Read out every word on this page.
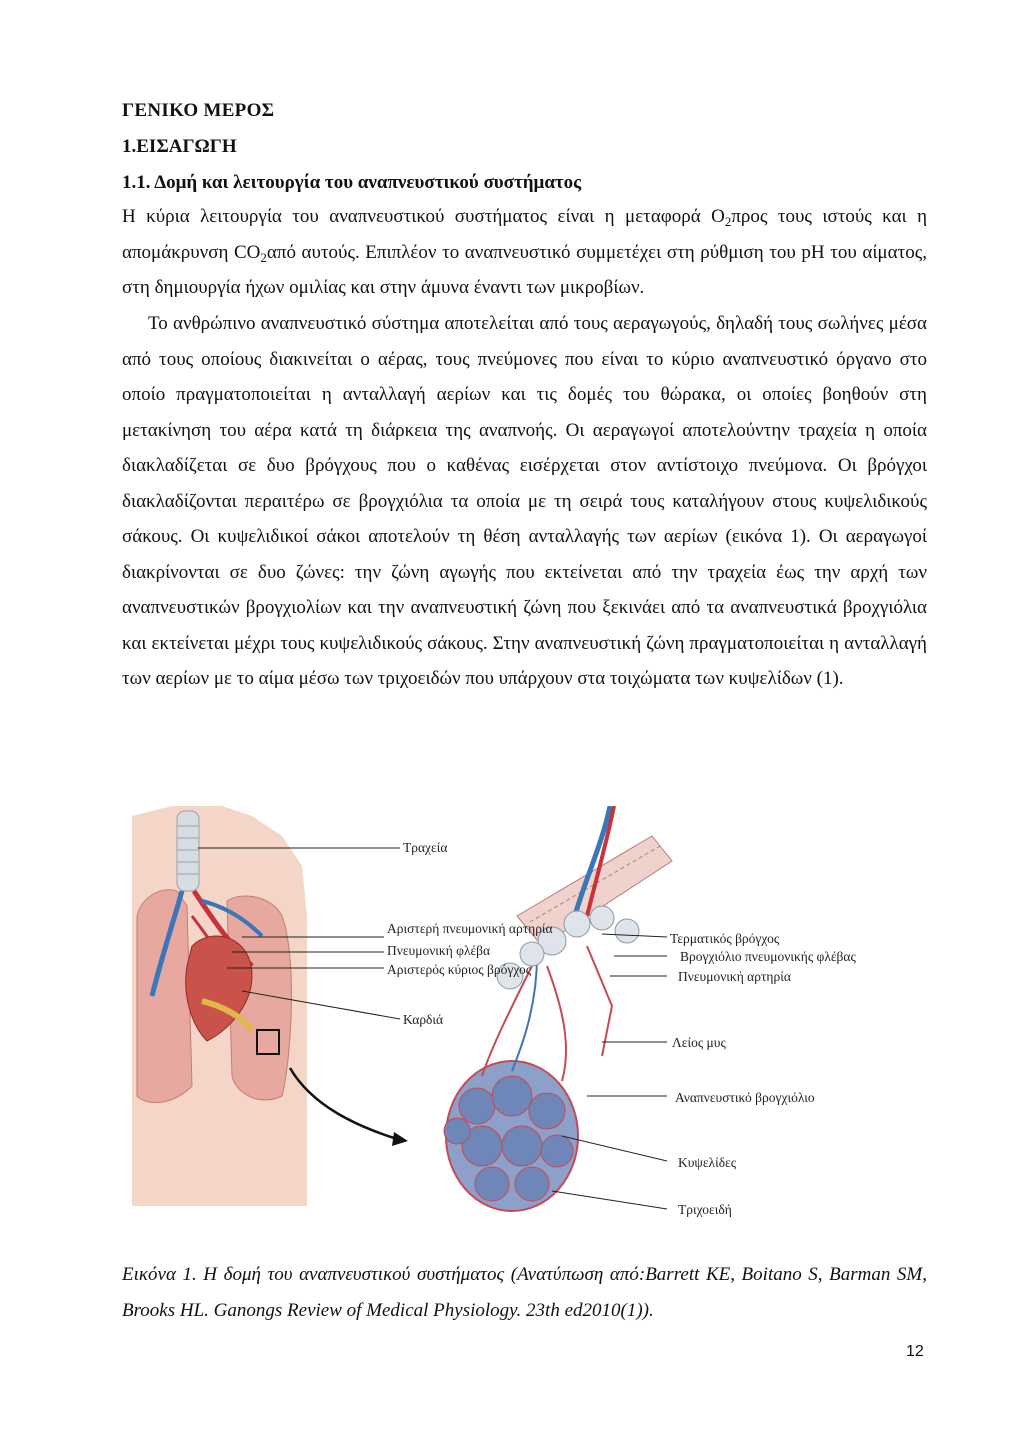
ΓΕΝΙΚΟ ΜΕΡΟΣ
1.ΕΙΣΑΓΩΓΗ
1.1. Δομή και λειτουργία του αναπνευστικού συστήματος

Η κύρια λειτουργία του αναπνευστικού συστήματος είναι η μεταφορά $O_2\pi\rho o\varsigma$ τους ιστούς και η απομάκρυνση $CO_2\alpha\pi ό$ αυτούς. Επιπλέον το αναπνευστικό συμμετέχει στη ρύθμιση του pH του αίματος, στη δημιουργία ήχων ομιλίας και στην άμυνα έναντι των μικροβίων.

Το ανθρώπινο αναπνευστικό σύστημα αποτελείται από τους αεραγωγούς, δηλαδή τους σωλήνες μέσα από τους οποίους διακινείται ο αέρας, τους πνεύμονες που είναι το κύριο αναπνευστικό όργανο στο οποίο πραγματοποιείται η ανταλλαγή αερίων και τις δομές του θώρακα, οι οποίες βοηθούν στη μετακίνηση του αέρα κατά τη διάρκεια της αναπνοής. Οι αεραγωγοί αποτελούντην τραχεία η οποία διακλαδίζεται σε δυο βρόγχους που ο καθένας εισέρχεται στον αντίστοιχο πνεύμονα. Οι βρόγχοι διακλαδίζονται περαιτέρω σε βρογχιόλια τα οποία με τη σειρά τους καταλήγουν στους κυψελιδικούς σάκους. Οι κυψελιδικοί σάκοι αποτελούν τη θέση ανταλλαγής των αερίων (εικόνα 1). Οι αεραγωγοί διακρίνονται σε δυο ζώνες: την ζώνη αγωγής που εκτείνεται από την τραχεία έως την αρχή των αναπνευστικών βρογχιολίων και την αναπνευστική ζώνη που ξεκινάει από τα αναπνευστικά βροχγιόλια και εκτείνεται μέχρι τους κυψελιδικούς σάκους. Στην αναπνευστική ζώνη πραγματοποιείται η ανταλλαγή των αερίων με το αίμα μέσω των τριχοειδών που υπάρχουν στα τοιχώματα των κυψελίδων (1).

Τραχεία
Αριστερή πνευμονική αρτηρία
Πνευμονική φλέβα
Αριστερός κύριος βρόγχος
Καρδιά
Τερματικός βρόγχος
Βρογχιόλιο πνευμονικής φλέβας
Πνευμονική αρτηρία
Λείος μυς
Αναπνευστικό βρογχιόλιο
Κυψελίδες
Τριχοειδή

Εικόνα 1. Η δομή του αναπνευστικού συστήματος (Ανατύπωση από:Barrett KE, Boitano S, Barman SM, Brooks HL. Ganongs Review of Medical Physiology. 23th ed2010(1)).

12
